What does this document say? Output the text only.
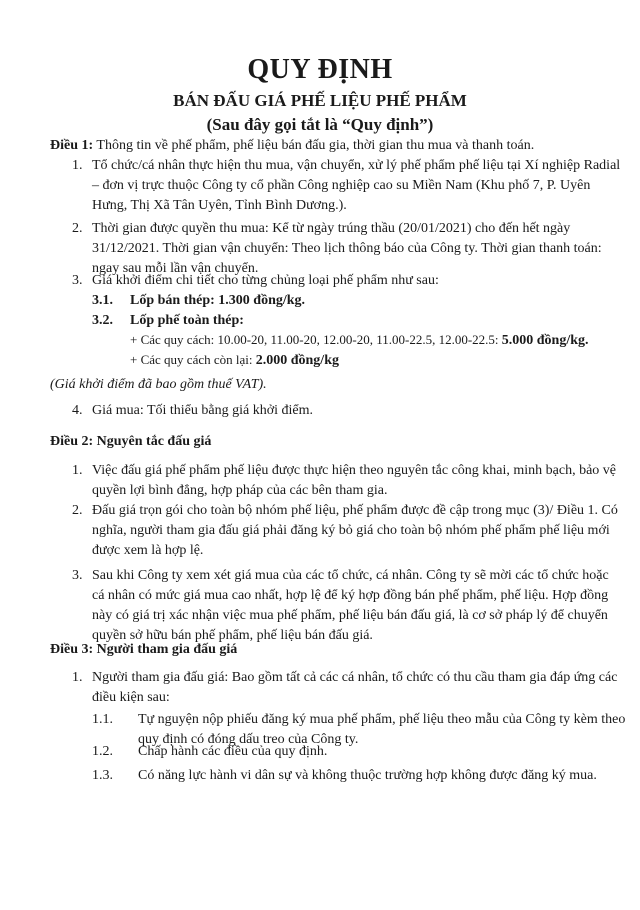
QUY ĐỊNH
BÁN ĐẤU GIÁ PHẾ LIỆU PHẾ PHẨM
(Sau đây gọi tắt là “Quy định”)
Điều 1: Thông tin về phế phẩm, phế liệu bán đấu gia, thời gian thu mua và thanh toán.
1. Tổ chức/cá nhân thực hiện thu mua, vận chuyển, xử lý phế phẩm phế liệu tại Xí nghiệp Radial
– đơn vị trực thuộc Công ty cổ phần Công nghiệp cao su Miền Nam (Khu phố 7, P. Uyên
Hưng, Thị Xã Tân Uyên, Tỉnh Bình Dương.).
2. Thời gian được quyền thu mua: Kể từ ngày trúng thầu (20/01/2021) cho đến hết ngày
31/12/2021. Thời gian vận chuyển: Theo lịch thông báo của Công ty. Thời gian thanh toán:
ngay sau mỗi lần vận chuyển.
3. Giá khởi điểm chi tiết cho từng chủng loại phế phẩm như sau:
3.1. Lốp bán thép: 1.300 đồng/kg.
3.2. Lốp phế toàn thép:
+ Các quy cách: 10.00-20, 11.00-20, 12.00-20, 11.00-22.5, 12.00-22.5: 5.000 đồng/kg.
+ Các quy cách còn lại: 2.000 đồng/kg
(Giá khởi điểm đã bao gồm thuế VAT).
4. Giá mua: Tối thiểu bằng giá khởi điểm.
Điều 2: Nguyên tắc đấu giá
1. Việc đấu giá phế phẩm phế liệu được thực hiện theo nguyên tắc công khai, minh bạch, bảo vệ
quyền lợi bình đẳng, hợp pháp của các bên tham gia.
2. Đấu giá trọn gói cho toàn bộ nhóm phế liệu, phế phẩm được đề cập trong mục (3)/ Điều 1. Có
nghĩa, người tham gia đấu giá phải đăng ký bỏ giá cho toàn bộ nhóm phế phẩm phế liệu mới
được xem là hợp lệ.
3. Sau khi Công ty xem xét giá mua của các tổ chức, cá nhân. Công ty sẽ mời các tổ chức hoặc
cá nhân có mức giá mua cao nhất, hợp lệ để ký hợp đồng bán phế phẩm, phế liệu. Hợp đồng
này có giá trị xác nhận việc mua phế phẩm, phế liệu bán đấu giá, là cơ sở pháp lý để chuyển
quyền sở hữu bán phế phẩm, phế liệu bán đấu giá.
Điều 3: Người tham gia đấu giá
1. Người tham gia đấu giá: Bao gồm tất cả các cá nhân, tổ chức có thu cầu tham gia đáp ứng các
điều kiện sau:
1.1. Tự nguyện nộp phiếu đăng ký mua phế phẩm, phế liệu theo mẫu của Công ty kèm theo
quy định có đóng dấu treo của Công ty.
1.2. Chấp hành các điều của quy định.
1.3. Có năng lực hành vi dân sự và không thuộc trường hợp không được đăng ký mua.
